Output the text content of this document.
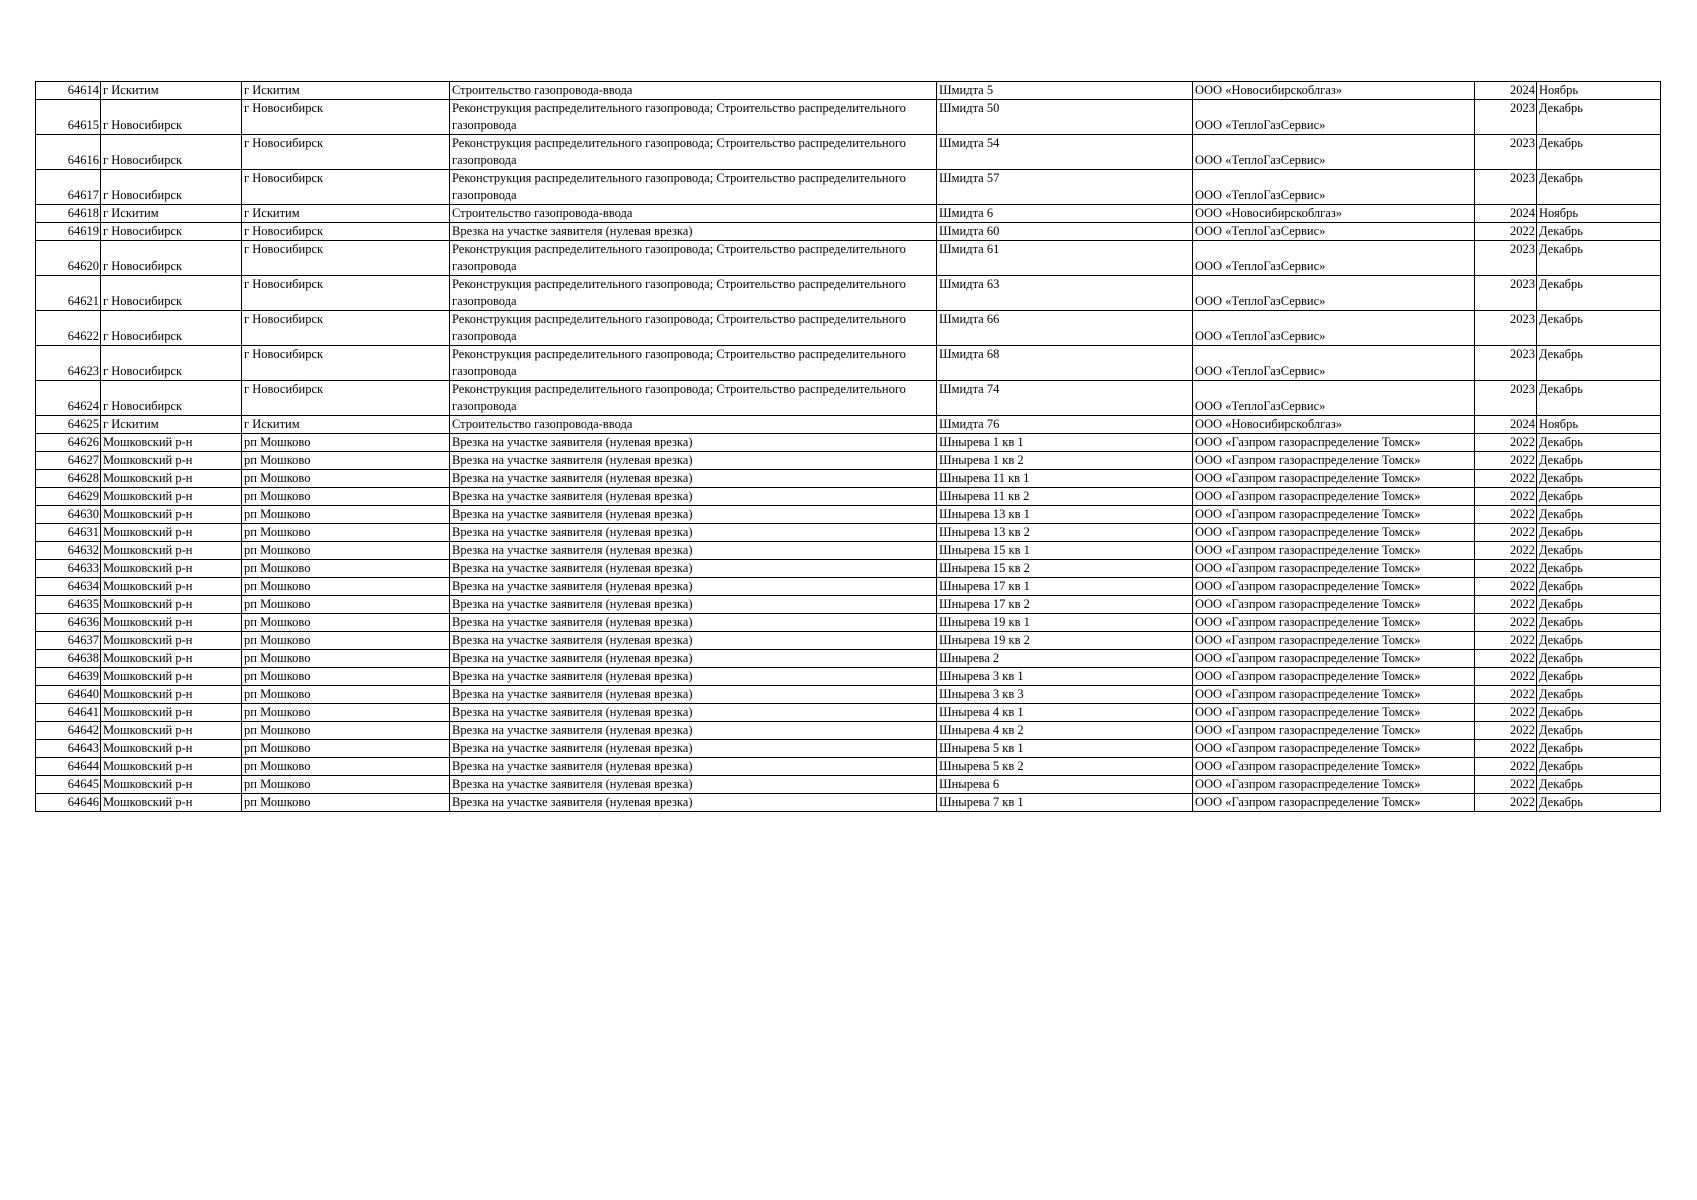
64614	г Искитим	г Искитим	Строительство газопровода-ввода	Шмидта 5	ООО «Новосибирскоблгаз»	2024	Ноябрь
64615	г Новосибирск	г Новосибирск	Реконструкция распределительного газопровода; Строительство распределительного газопровода	Шмидта 50	ООО «ТеплоГазСервис»	2023	Декабрь
64616	г Новосибирск	г Новосибирск	Реконструкция распределительного газопровода; Строительство распределительного газопровода	Шмидта 54	ООО «ТеплоГазСервис»	2023	Декабрь
64617	г Новосибирск	г Новосибирск	Реконструкция распределительного газопровода; Строительство распределительного газопровода	Шмидта 57	ООО «ТеплоГазСервис»	2023	Декабрь
64618	г Искитим	г Искитим	Строительство газопровода-ввода	Шмидта 6	ООО «Новосибирскоблгаз»	2024	Ноябрь
64619	г Новосибирск	г Новосибирск	Врезка на участке заявителя (нулевая врезка)	Шмидта 60	ООО «ТеплоГазСервис»	2022	Декабрь
64620	г Новосибирск	г Новосибирск	Реконструкция распределительного газопровода; Строительство распределительного газопровода	Шмидта 61	ООО «ТеплоГазСервис»	2023	Декабрь
64621	г Новосибирск	г Новосибирск	Реконструкция распределительного газопровода; Строительство распределительного газопровода	Шмидта 63	ООО «ТеплоГазСервис»	2023	Декабрь
64622	г Новосибирск	г Новосибирск	Реконструкция распределительного газопровода; Строительство распределительного газопровода	Шмидта 66	ООО «ТеплоГазСервис»	2023	Декабрь
64623	г Новосибирск	г Новосибирск	Реконструкция распределительного газопровода; Строительство распределительного газопровода	Шмидта 68	ООО «ТеплоГазСервис»	2023	Декабрь
64624	г Новосибирск	г Новосибирск	Реконструкция распределительного газопровода; Строительство распределительного газопровода	Шмидта 74	ООО «ТеплоГазСервис»	2023	Декабрь
64625	г Искитим	г Искитим	Строительство газопровода-ввода	Шмидта 76	ООО «Новосибирскоблгаз»	2024	Ноябрь
64626	Мошковский р-н	рп Мошково	Врезка на участке заявителя (нулевая врезка)	Шнырева 1 кв 1	ООО «Газпром газораспределение Томск»	2022	Декабрь
64627	Мошковский р-н	рп Мошково	Врезка на участке заявителя (нулевая врезка)	Шнырева 1 кв 2	ООО «Газпром газораспределение Томск»	2022	Декабрь
64628	Мошковский р-н	рп Мошково	Врезка на участке заявителя (нулевая врезка)	Шнырева 11 кв 1	ООО «Газпром газораспределение Томск»	2022	Декабрь
64629	Мошковский р-н	рп Мошково	Врезка на участке заявителя (нулевая врезка)	Шнырева 11 кв 2	ООО «Газпром газораспределение Томск»	2022	Декабрь
64630	Мошковский р-н	рп Мошково	Врезка на участке заявителя (нулевая врезка)	Шнырева 13 кв 1	ООО «Газпром газораспределение Томск»	2022	Декабрь
64631	Мошковский р-н	рп Мошково	Врезка на участке заявителя (нулевая врезка)	Шнырева 13 кв 2	ООО «Газпром газораспределение Томск»	2022	Декабрь
64632	Мошковский р-н	рп Мошково	Врезка на участке заявителя (нулевая врезка)	Шнырева 15 кв 1	ООО «Газпром газораспределение Томск»	2022	Декабрь
64633	Мошковский р-н	рп Мошково	Врезка на участке заявителя (нулевая врезка)	Шнырева 15 кв 2	ООО «Газпром газораспределение Томск»	2022	Декабрь
64634	Мошковский р-н	рп Мошково	Врезка на участке заявителя (нулевая врезка)	Шнырева 17 кв 1	ООО «Газпром газораспределение Томск»	2022	Декабрь
64635	Мошковский р-н	рп Мошково	Врезка на участке заявителя (нулевая врезка)	Шнырева 17 кв 2	ООО «Газпром газораспределение Томск»	2022	Декабрь
64636	Мошковский р-н	рп Мошково	Врезка на участке заявителя (нулевая врезка)	Шнырева 19 кв 1	ООО «Газпром газораспределение Томск»	2022	Декабрь
64637	Мошковский р-н	рп Мошково	Врезка на участке заявителя (нулевая врезка)	Шнырева 19 кв 2	ООО «Газпром газораспределение Томск»	2022	Декабрь
64638	Мошковский р-н	рп Мошково	Врезка на участке заявителя (нулевая врезка)	Шнырева 2	ООО «Газпром газораспределение Томск»	2022	Декабрь
64639	Мошковский р-н	рп Мошково	Врезка на участке заявителя (нулевая врезка)	Шнырева 3 кв 1	ООО «Газпром газораспределение Томск»	2022	Декабрь
64640	Мошковский р-н	рп Мошково	Врезка на участке заявителя (нулевая врезка)	Шнырева 3 кв 3	ООО «Газпром газораспределение Томск»	2022	Декабрь
64641	Мошковский р-н	рп Мошково	Врезка на участке заявителя (нулевая врезка)	Шнырева 4 кв 1	ООО «Газпром газораспределение Томск»	2022	Декабрь
64642	Мошковский р-н	рп Мошково	Врезка на участке заявителя (нулевая врезка)	Шнырева 4 кв 2	ООО «Газпром газораспределение Томск»	2022	Декабрь
64643	Мошковский р-н	рп Мошково	Врезка на участке заявителя (нулевая врезка)	Шнырева 5 кв 1	ООО «Газпром газораспределение Томск»	2022	Декабрь
64644	Мошковский р-н	рп Мошково	Врезка на участке заявителя (нулевая врезка)	Шнырева 5 кв 2	ООО «Газпром газораспределение Томск»	2022	Декабрь
64645	Мошковский р-н	рп Мошково	Врезка на участке заявителя (нулевая врезка)	Шнырева 6	ООО «Газпром газораспределение Томск»	2022	Декабрь
64646	Мошковский р-н	рп Мошково	Врезка на участке заявителя (нулевая врезка)	Шнырева 7 кв 1	ООО «Газпром газораспределение Томск»	2022	Декабрь
